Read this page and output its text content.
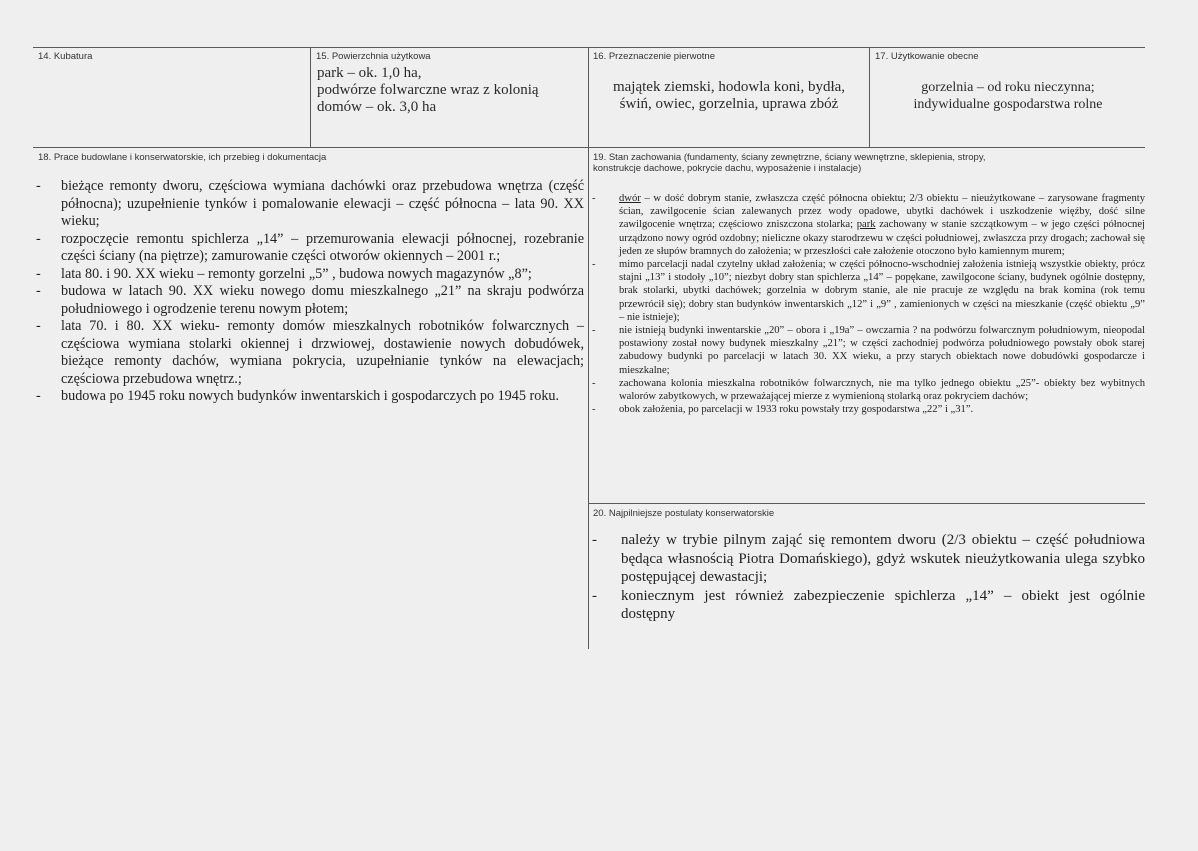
14. Kubatura	15. Powierzchnia użytkowa
park – ok. 1,0 ha,
podwórze folwarczne wraz z kolonią
domów – ok. 3,0 ha
16. Przeznaczenie pierwotne
majątek ziemski, hodowla koni, bydła,
świń, owiec, gorzelnia, uprawa zbóż
17. Użytkowanie obecne
gorzelnia – od roku nieczynna;
indywidualne gospodarstwa rolne
18. Prace budowlane i konserwatorskie, ich przebieg i dokumentacja
- bieżące remonty dworu, częściowa wymiana dachówki oraz przebudowa wnętrza (część północna); uzupełnienie tynków i pomalowanie elewacji – część północna – lata 90. XX wieku;
- rozpoczęcie remontu spichlerza „14” – przemurowania elewacji północnej, rozebranie części ściany (na piętrze); zamurowanie części otworów okiennych – 2001 r.;
- lata 80. i 90. XX wieku – remonty gorzelni „5” , budowa nowych magazynów „8”;
- budowa w latach 90. XX wieku nowego domu mieszkalnego „21” na skraju podwórza południowego i ogrodzenie terenu nowym płotem;
- lata 70. i 80. XX wieku- remonty domów mieszkalnych robotników folwarcznych – częściowa wymiana stolarki okiennej i drzwiowej, dostawienie nowych dobudówek, bieżące remonty dachów, wymiana pokrycia, uzupełnianie tynków na elewacjach; częściowa przebudowa wnętrz.;
- budowa po 1945 roku nowych budynków inwentarskich i gospodarczych po 1945 roku.
19. Stan zachowania (fundamenty, ściany zewnętrzne, ściany wewnętrzne, sklepienia, stropy,
konstrukcje dachowe, pokrycie dachu, wyposażenie i instalacje)
- dwór – w dość dobrym stanie, zwłaszcza część północna obiektu; 2/3 obiektu – nieużytkowane – zarysowane fragmenty ścian, zawilgocenie ścian zalewanych przez wody opadowe, ubytki dachówek i uszkodzenie więźby, dość silne zawilgocenie wnętrza; częściowo zniszczona stolarka; park zachowany w stanie szczątkowym – w jego części północnej urządzono nowy ogród ozdobny; nieliczne okazy starodrzewu w części południowej, zwłaszcza przy drogach; zachował się jeden ze słupów bramnych do założenia; w przeszłości całe założenie otoczono było kamiennym murem;
- mimo parcelacji nadal czytelny układ założenia; w części północno-wschodniej założenia istnieją wszystkie obiekty, prócz stajni „13” i stodoły „10”; niezbyt dobry stan spichlerza „14” – popękane, zawilgocone ściany, budynek ogólnie dostępny, brak stolarki, ubytki dachówek; gorzelnia w dobrym stanie, ale nie pracuje ze względu na brak komina (rok temu przewrócił się); dobry stan budynków inwentarskich „12” i „9” , zamienionych w części na mieszkanie (część obiektu „9” – nie istnieje);
- nie istnieją budynki inwentarskie „20” – obora i „19a” – owczarnia ? na podwórzu folwarcznym południowym, nieopodal postawiony został nowy budynek mieszkalny „21”; w części zachodniej podwórza południowego powstały obok starej zabudowy budynki po parcelacji w latach 30. XX wieku, a przy starych obiektach nowe dobudówki gospodarcze i mieszkalne;
- zachowana kolonia mieszkalna robotników folwarcznych, nie ma tylko jednego obiektu „25”- obiekty bez wybitnych walorów zabytkowych, w przeważającej mierze z wymienioną stolarką oraz pokryciem dachów;
- obok założenia, po parcelacji w 1933 roku powstały trzy gospodarstwa „22” i „31”.
20. Najpilniejsze postulaty konserwatorskie
- należy w trybie pilnym zająć się remontem dworu (2/3 obiektu – część południowa będąca własnością Piotra Domańskiego), gdyż wskutek nieużytkowania ulega szybko postępującej dewastacji;
- koniecznym jest również zabezpieczenie spichlerza „14” – obiekt jest ogólnie dostępny
